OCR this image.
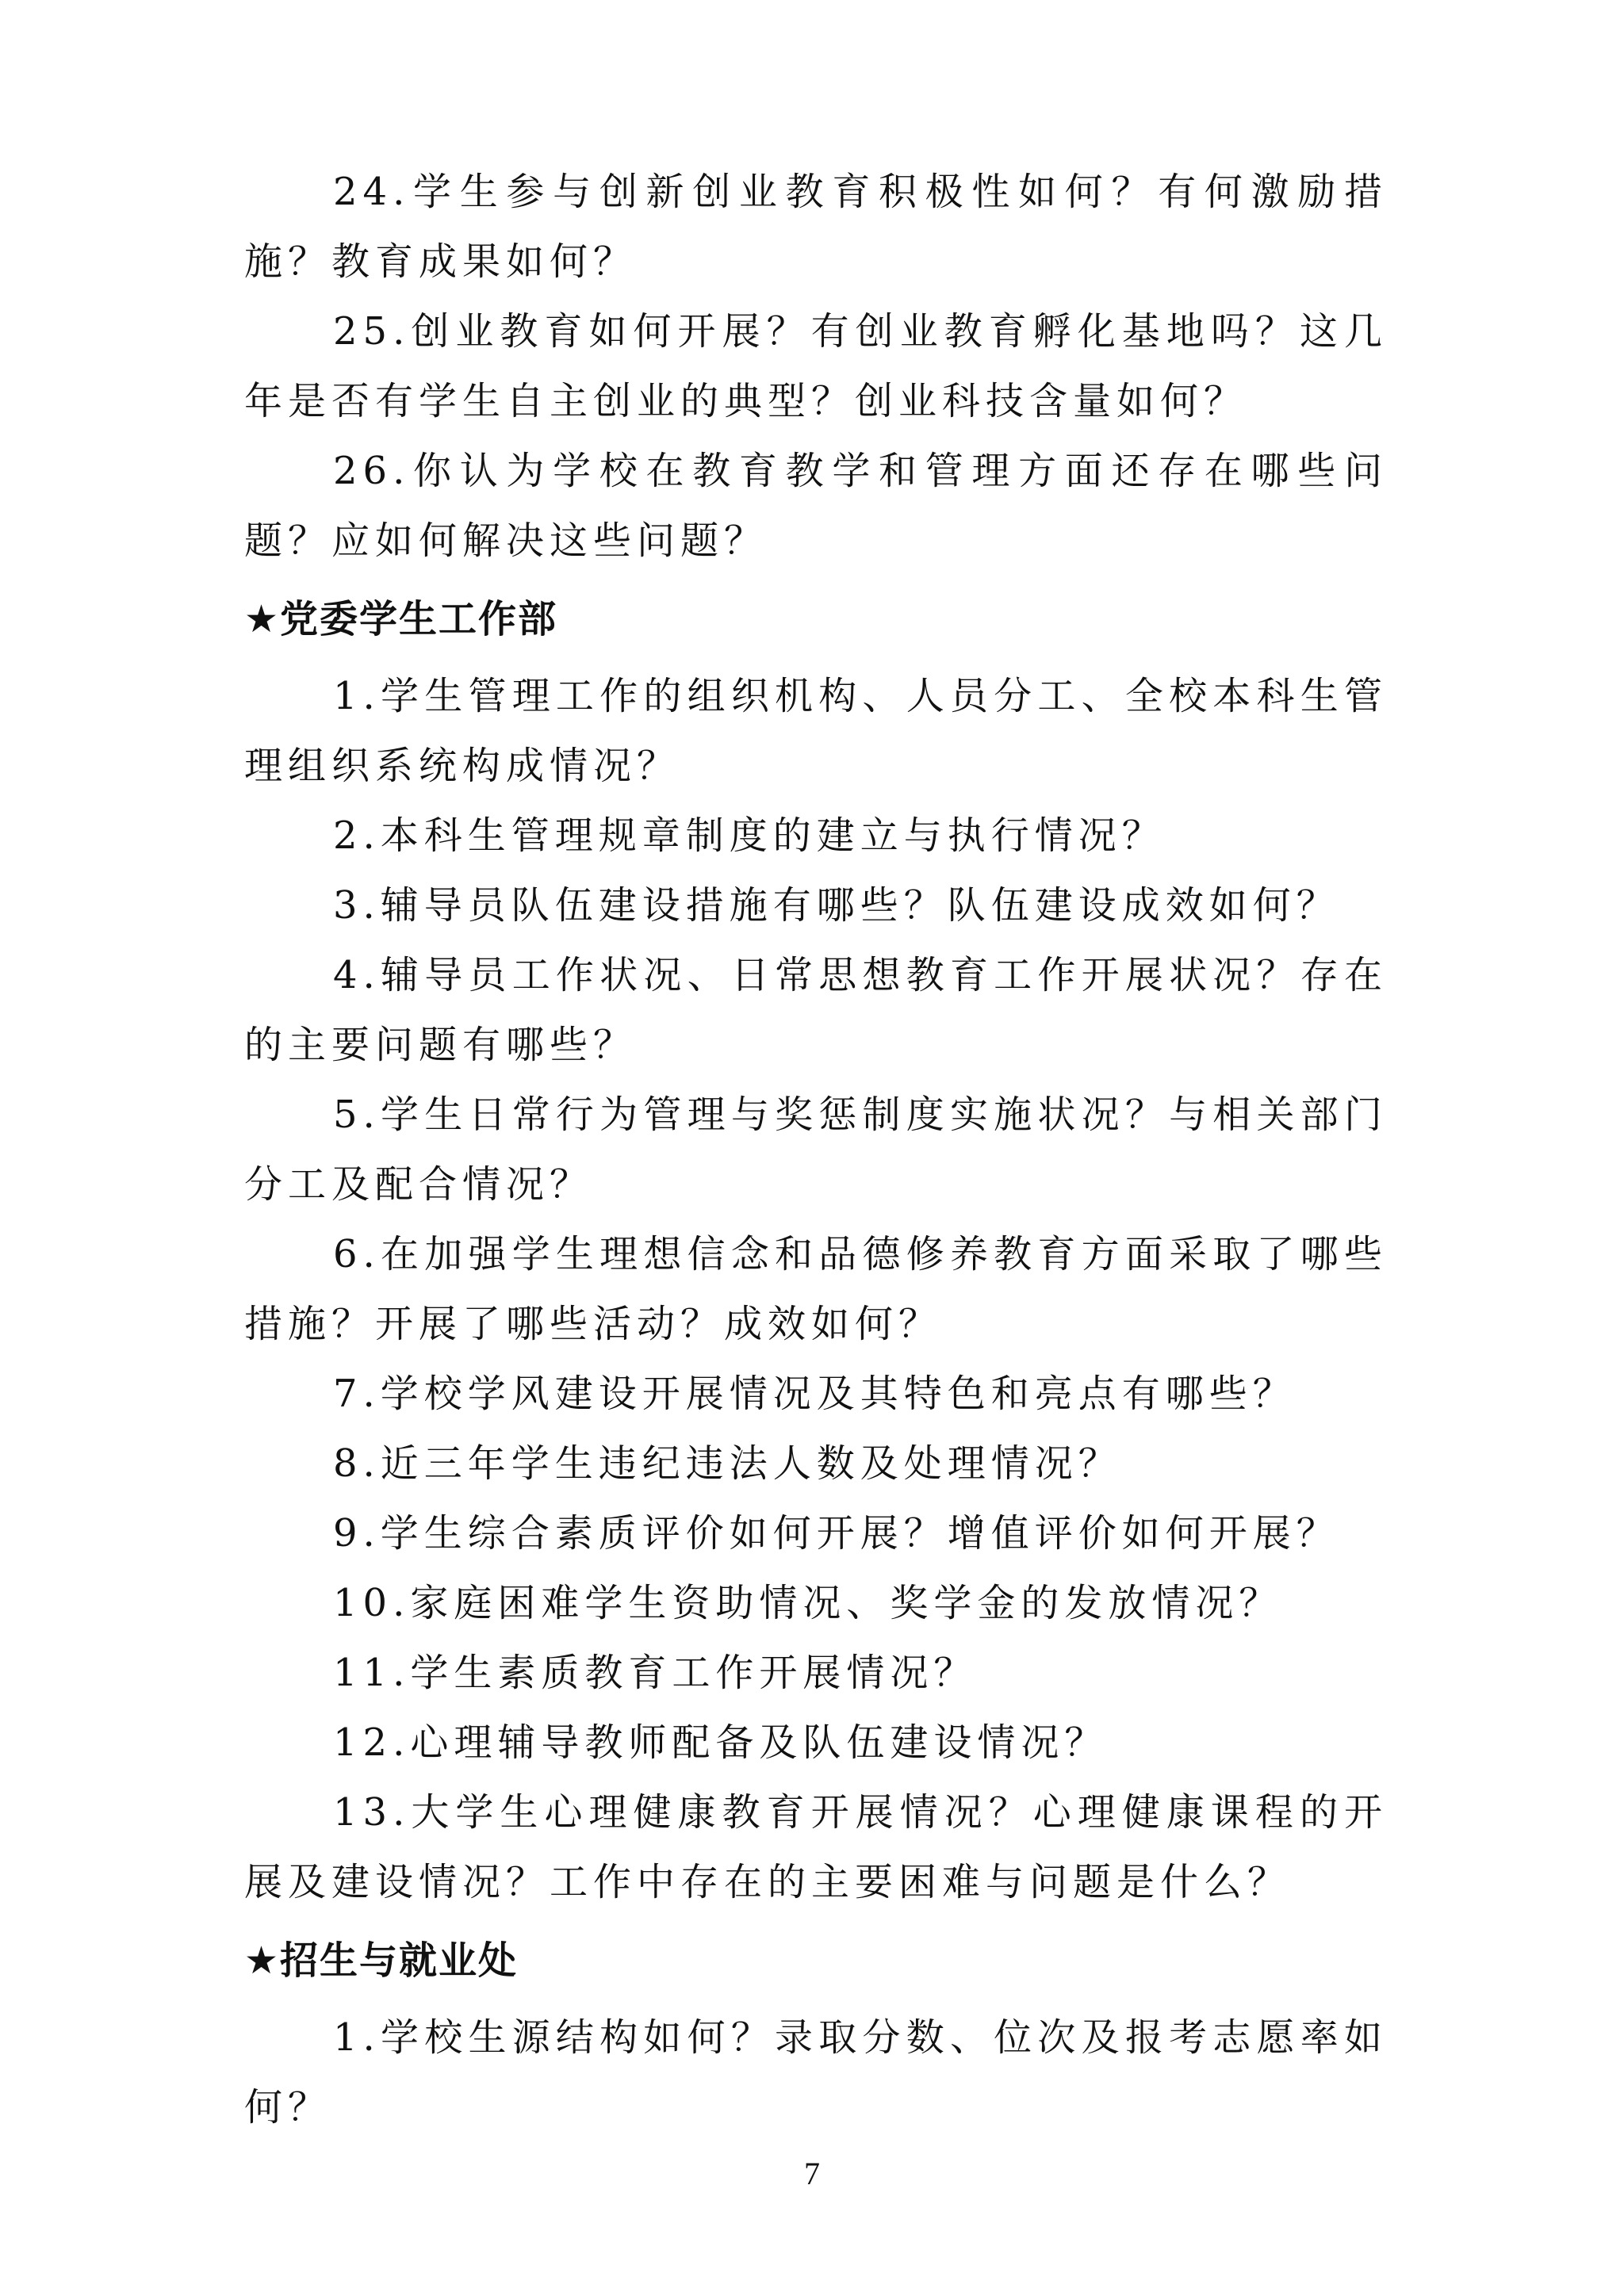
24.学生参与创新创业教育积极性如何？有何激励措施？教育成果如何？

25.创业教育如何开展？有创业教育孵化基地吗？这几年是否有学生自主创业的典型？创业科技含量如何？

26.你认为学校在教育教学和管理方面还存在哪些问题？应如何解决这些问题？

★党委学生工作部

1.学生管理工作的组织机构、人员分工、全校本科生管理组织系统构成情况？

2.本科生管理规章制度的建立与执行情况？

3.辅导员队伍建设措施有哪些？队伍建设成效如何？

4.辅导员工作状况、日常思想教育工作开展状况？存在的主要问题有哪些？

5.学生日常行为管理与奖惩制度实施状况？与相关部门分工及配合情况？

6.在加强学生理想信念和品德修养教育方面采取了哪些措施？开展了哪些活动？成效如何？

7.学校学风建设开展情况及其特色和亮点有哪些？

8.近三年学生违纪违法人数及处理情况？

9.学生综合素质评价如何开展？增值评价如何开展？

10.家庭困难学生资助情况、奖学金的发放情况？

11.学生素质教育工作开展情况？

12.心理辅导教师配备及队伍建设情况？

13.大学生心理健康教育开展情况？心理健康课程的开展及建设情况？工作中存在的主要困难与问题是什么？

★招生与就业处

1.学校生源结构如何？录取分数、位次及报考志愿率如何？

7
